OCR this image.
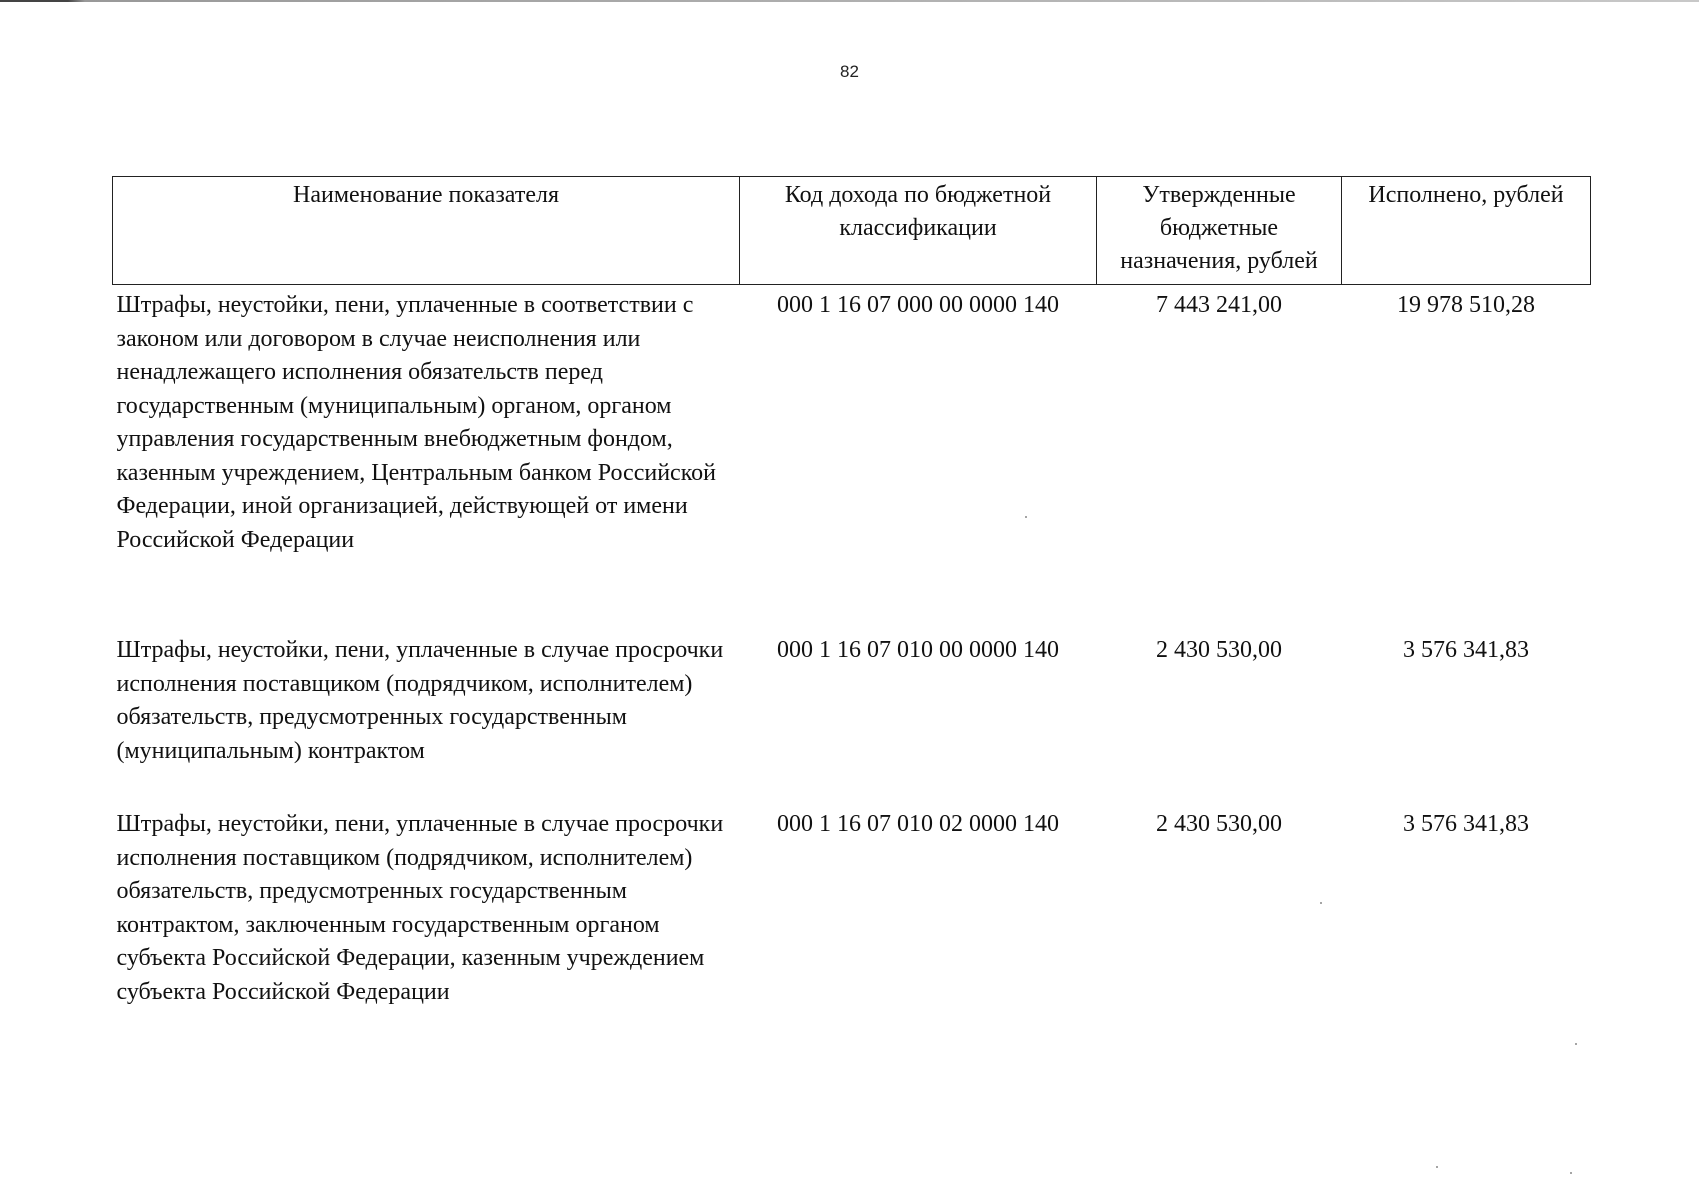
82
Наименование показателя	Код дохода по бюджетной классификации	Утвержденные бюджетные назначения, рублей	Исполнено, рублей
Штрафы, неустойки, пени, уплаченные в соответствии с законом или договором в случае неисполнения или ненадлежащего исполнения обязательств перед государственным (муниципальным) органом, органом управления государственным внебюджетным фондом, казенным учреждением, Центральным банком Российской Федерации, иной организацией, действующей от имени Российской Федерации	000 1 16 07 000 00 0000 140	7 443 241,00	19 978 510,28
Штрафы, неустойки, пени, уплаченные в случае просрочки исполнения поставщиком (подрядчиком, исполнителем) обязательств, предусмотренных государственным (муниципальным) контрактом	000 1 16 07 010 00 0000 140	2 430 530,00	3 576 341,83
Штрафы, неустойки, пени, уплаченные в случае просрочки исполнения поставщиком (подрядчиком, исполнителем) обязательств, предусмотренных государственным контрактом, заключенным государственным органом субъекта Российской Федерации, казенным учреждением субъекта Российской Федерации	000 1 16 07 010 02 0000 140	2 430 530,00	3 576 341,83
